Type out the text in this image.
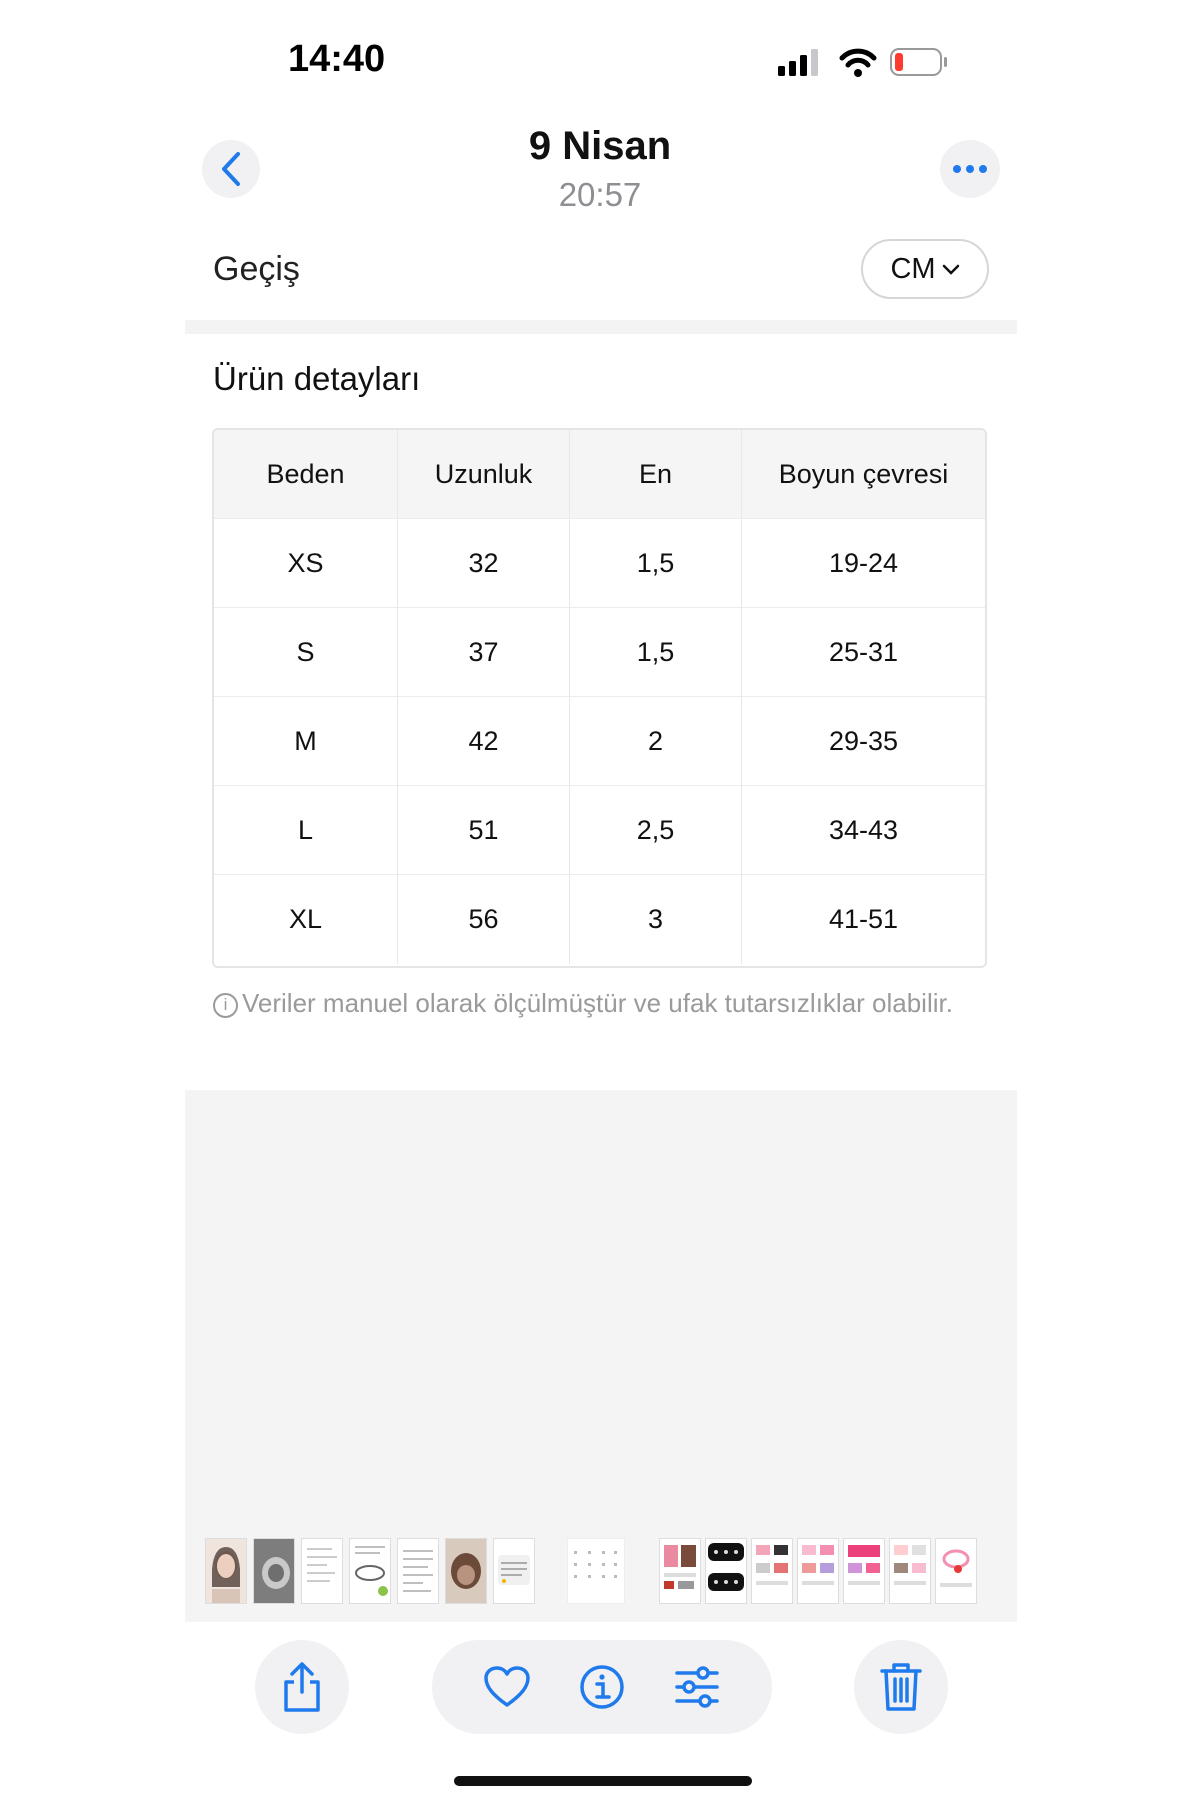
14:40
9 Nisan
20:57
Geçiş	CM
Ürün detayları
Beden	Uzunluk	En	Boyun çevresi
XS	32	1,5	19-24
S	37	1,5	25-31
M	42	2	29-35
L	51	2,5	34-43
XL	56	3	41-51
i Veriler manuel olarak ölçülmüştür ve ufak tutarsızlıklar olabilir.
